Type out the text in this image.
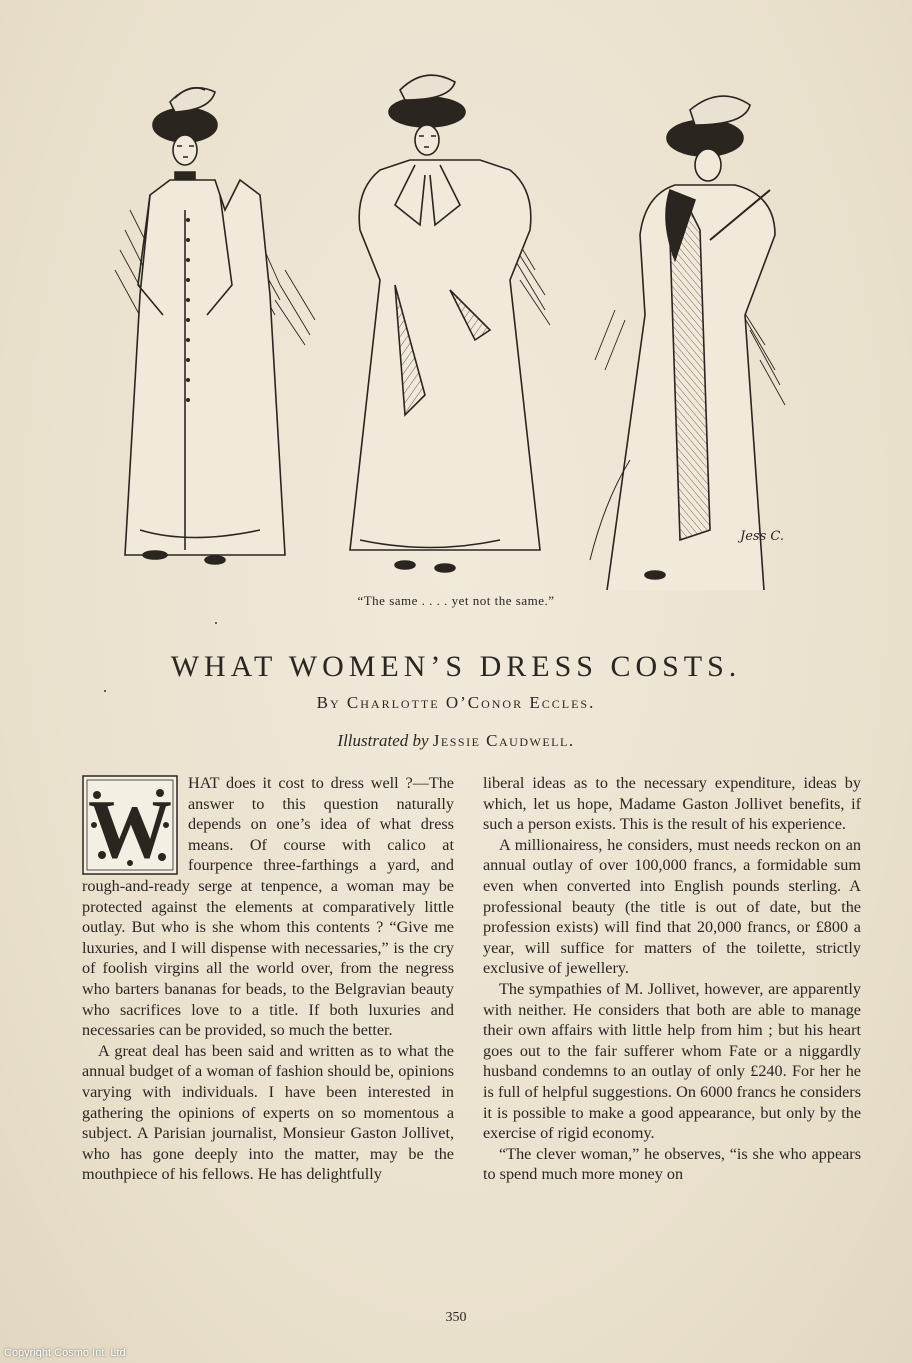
Jess C.
“The same . . . . yet not the same.”
WHAT WOMEN’S DRESS COSTS.
By Charlotte O’Conor Eccles.
Illustrated by Jessie Caudwell.
W HAT does it cost to dress well ?—The answer to this question naturally depends on one’s idea of what dress means. Of course with calico at fourpence three-farthings a yard, and rough-and-ready serge at tenpence, a woman may be protected against the elements at comparatively little outlay. But who is she whom this contents ? “Give me luxuries, and I will dispense with necessaries,” is the cry of foolish virgins all the world over, from the negress who barters bananas for beads, to the Belgravian beauty who sacrifices love to a title. If both luxuries and necessaries can be provided, so much the better.

A great deal has been said and written as to what the annual budget of a woman of fashion should be, opinions varying with individuals. I have been interested in gathering the opinions of experts on so momentous a subject. A Parisian journalist, Monsieur Gaston Jollivet, who has gone deeply into the matter, may be the mouthpiece of his fellows. He has delightfully

liberal ideas as to the necessary expenditure, ideas by which, let us hope, Madame Gaston Jollivet benefits, if such a person exists. This is the result of his experience.

A millionairess, he considers, must needs reckon on an annual outlay of over 100,000 francs, a formidable sum even when converted into English pounds sterling. A professional beauty (the title is out of date, but the profession exists) will find that 20,000 francs, or £800 a year, will suffice for matters of the toilette, strictly exclusive of jewellery.

The sympathies of M. Jollivet, however, are apparently with neither. He considers that both are able to manage their own affairs with little help from him ; but his heart goes out to the fair sufferer whom Fate or a niggardly husband condemns to an outlay of only £240. For her he is full of helpful suggestions. On 6000 francs he considers it is possible to make a good appearance, but only by the exercise of rigid economy.

“The clever woman,” he observes, “is she who appears to spend much more money on

350
Copyright Cosmo Int. Ltd
